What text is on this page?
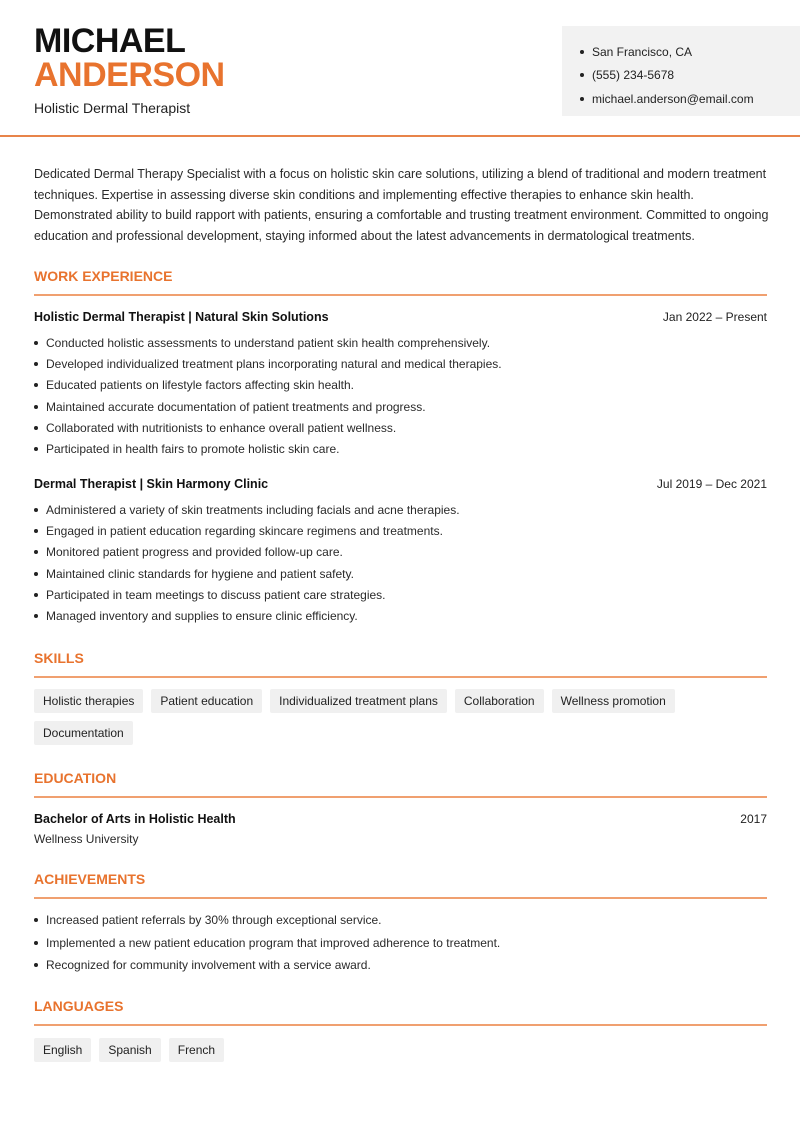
MICHAEL
ANDERSON
Holistic Dermal Therapist
San Francisco, CA
(555) 234-5678
michael.anderson@email.com

Dedicated Dermal Therapy Specialist with a focus on holistic skin care solutions, utilizing a blend of traditional and modern treatment techniques. Expertise in assessing diverse skin conditions and implementing effective therapies to enhance skin health. Demonstrated ability to build rapport with patients, ensuring a comfortable and trusting treatment environment. Committed to ongoing education and professional development, staying informed about the latest advancements in dermatological treatments.

WORK EXPERIENCE
Holistic Dermal Therapist | Natural Skin Solutions	Jan 2022 – Present
Conducted holistic assessments to understand patient skin health comprehensively.
Developed individualized treatment plans incorporating natural and medical therapies.
Educated patients on lifestyle factors affecting skin health.
Maintained accurate documentation of patient treatments and progress.
Collaborated with nutritionists to enhance overall patient wellness.
Participated in health fairs to promote holistic skin care.
Dermal Therapist | Skin Harmony Clinic	Jul 2019 – Dec 2021
Administered a variety of skin treatments including facials and acne therapies.
Engaged in patient education regarding skincare regimens and treatments.
Monitored patient progress and provided follow-up care.
Maintained clinic standards for hygiene and patient safety.
Participated in team meetings to discuss patient care strategies.
Managed inventory and supplies to ensure clinic efficiency.
SKILLS
Holistic therapies	Patient education	Individualized treatment plans	Collaboration	Wellness promotion
Documentation
EDUCATION
Bachelor of Arts in Holistic Health	2017
Wellness University
ACHIEVEMENTS
Increased patient referrals by 30% through exceptional service.
Implemented a new patient education program that improved adherence to treatment.
Recognized for community involvement with a service award.
LANGUAGES
English	Spanish	French
